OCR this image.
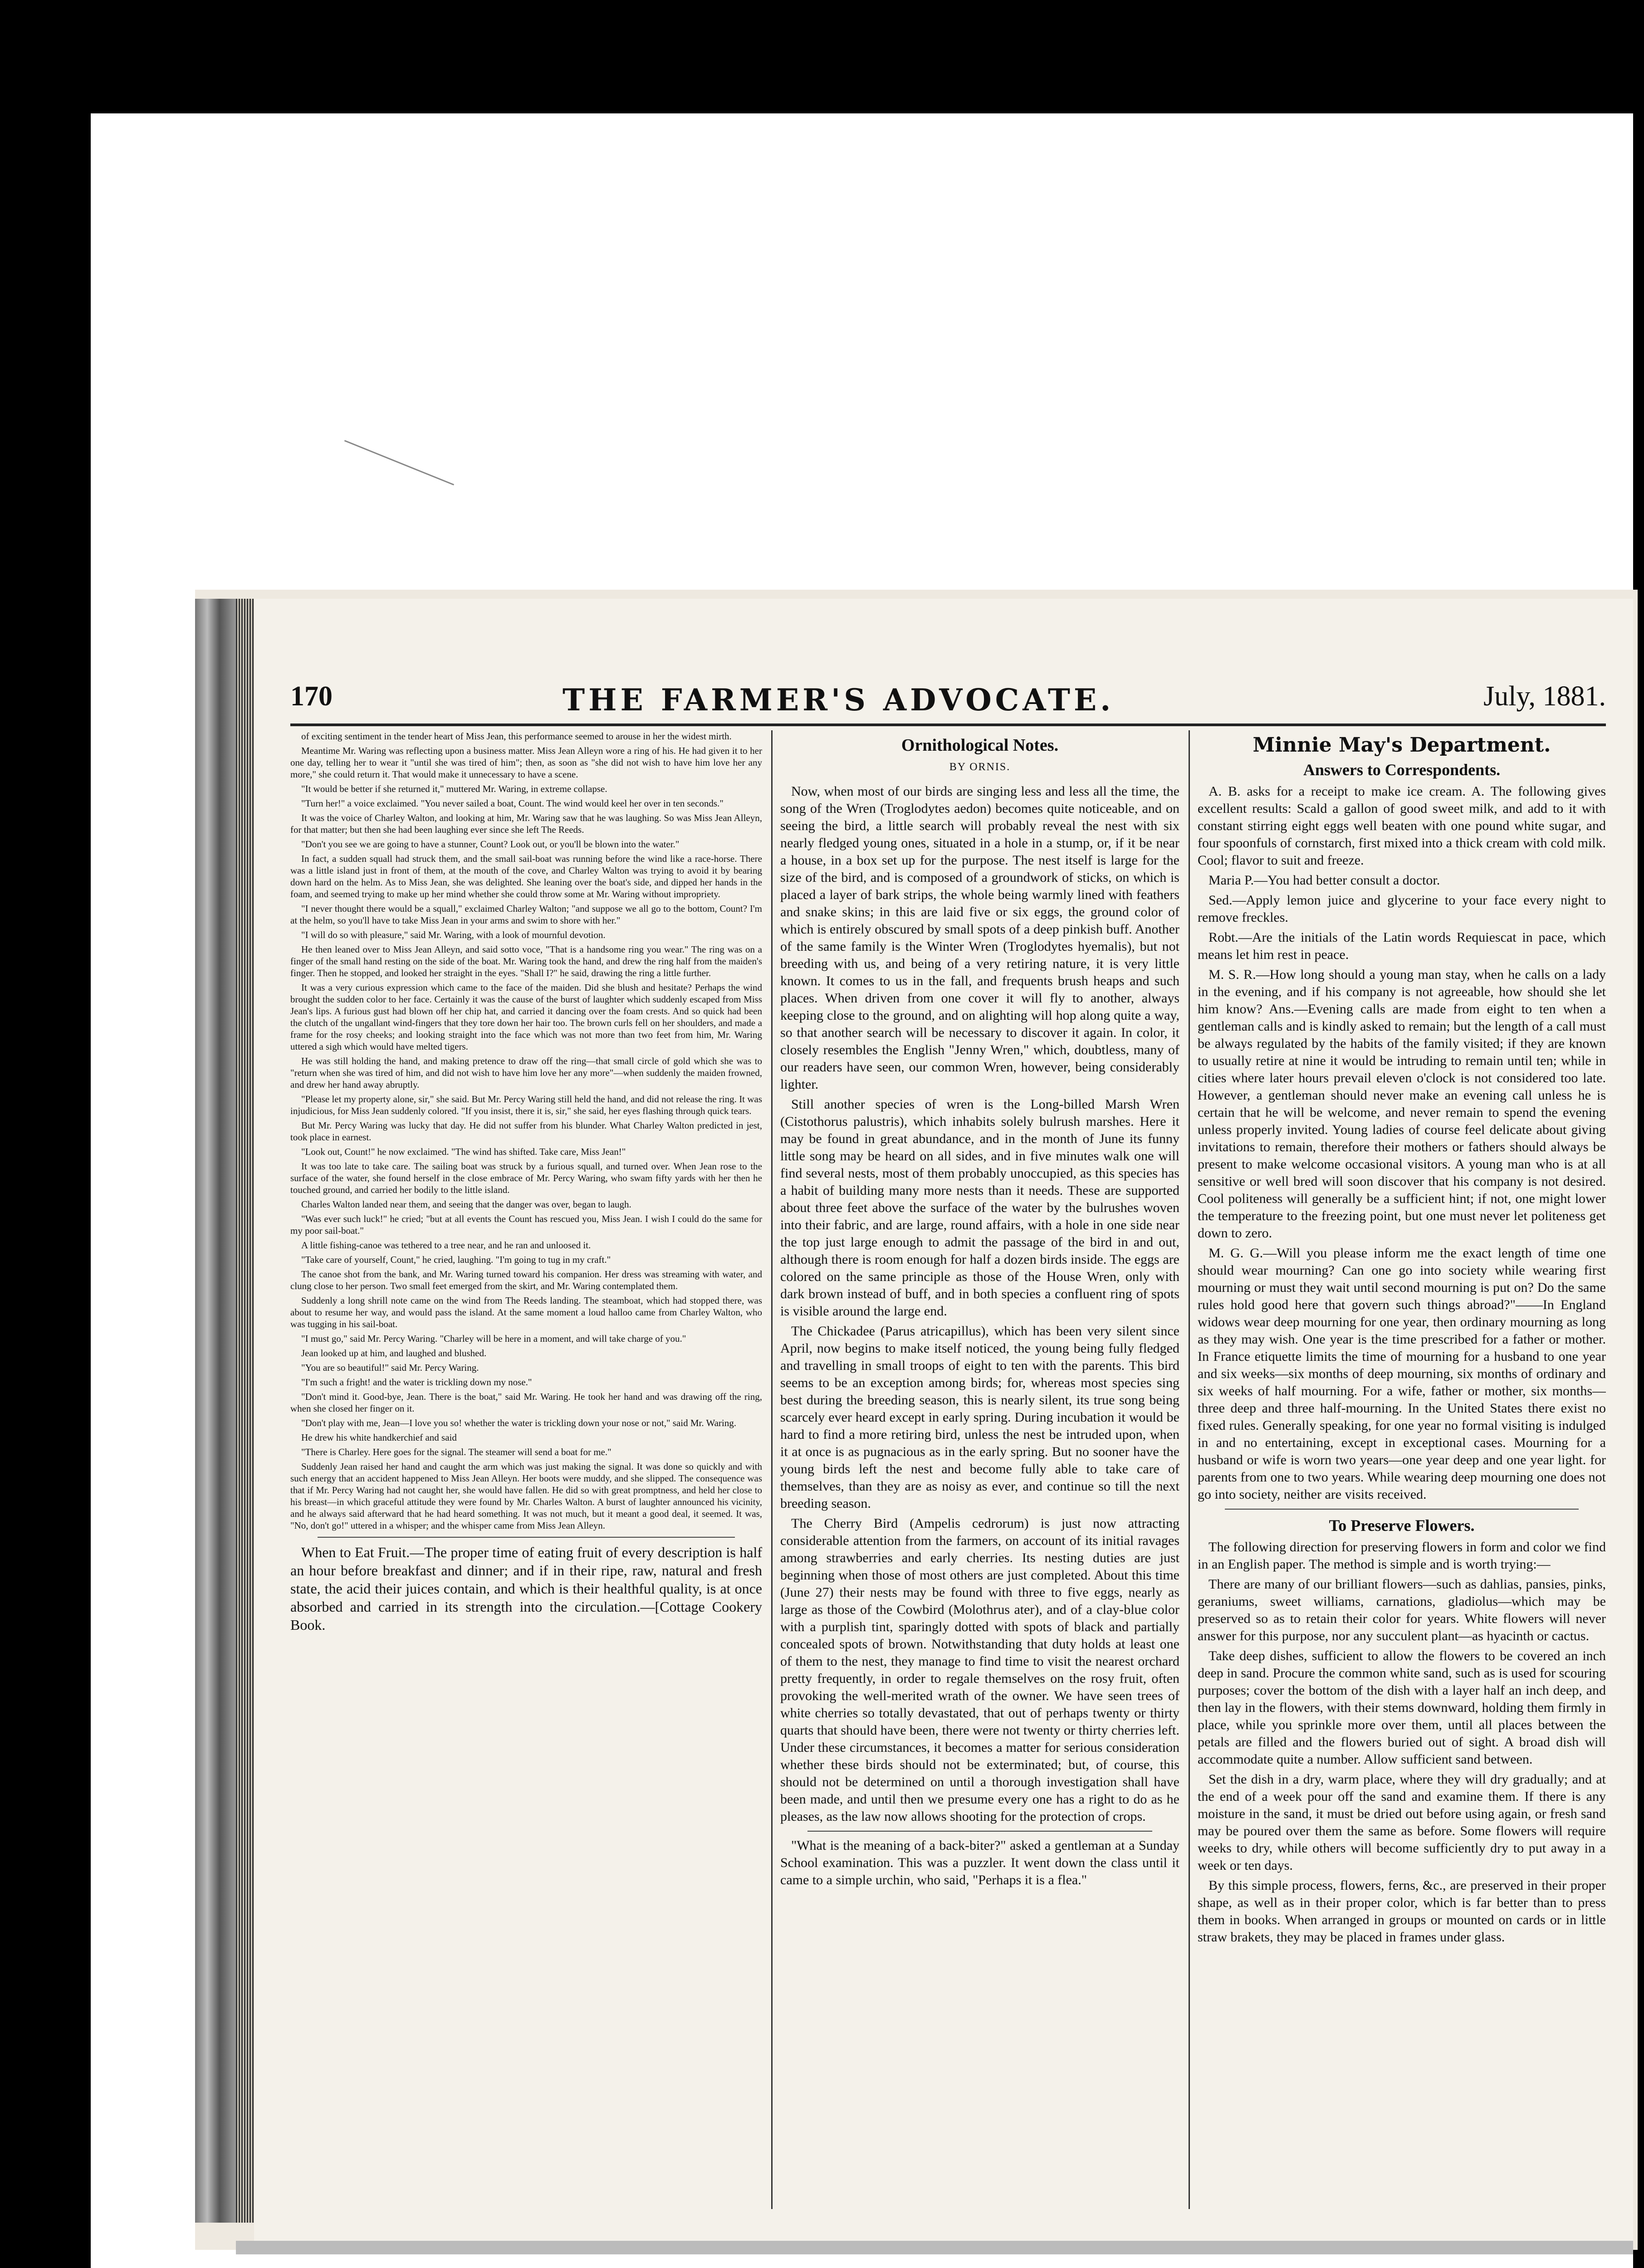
170	THE FARMER'S ADVOCATE.	July, 1881.

of exciting sentiment in the tender heart of Miss Jean, this performance seemed to arouse in her the widest mirth.

Meantime Mr. Waring was reflecting upon a business matter. Miss Jean Alleyn wore a ring of his. He had given it to her one day, telling her to wear it "until she was tired of him"; then, as soon as "she did not wish to have him love her any more," she could return it. That would make it unnecessary to have a scene.

"It would be better if she returned it," muttered Mr. Waring, in extreme collapse.

"Turn her!" a voice exclaimed. "You never sailed a boat, Count. The wind would keel her over in ten seconds."

It was the voice of Charley Walton, and looking at him, Mr. Waring saw that he was laughing. So was Miss Jean Alleyn, for that matter; but then she had been laughing ever since she left The Reeds.

"Don't you see we are going to have a stunner, Count? Look out, or you'll be blown into the water."

In fact, a sudden squall had struck them, and the small sail-boat was running before the wind like a race-horse. There was a little island just in front of them, at the mouth of the cove, and Charley Walton was trying to avoid it by bearing down hard on the helm. As to Miss Jean, she was delighted. She leaning over the boat's side, and dipped her hands in the foam, and seemed trying to make up her mind whether she could throw some at Mr. Waring without impropriety.

"I never thought there would be a squall," exclaimed Charley Walton; "and suppose we all go to the bottom, Count? I'm at the helm, so you'll have to take Miss Jean in your arms and swim to shore with her."

"I will do so with pleasure," said Mr. Waring, with a look of mournful devotion.

He then leaned over to Miss Jean Alleyn, and said sotto voce, "That is a handsome ring you wear." The ring was on a finger of the small hand resting on the side of the boat. Mr. Waring took the hand, and drew the ring half from the maiden's finger. Then he stopped, and looked her straight in the eyes. "Shall I?" he said, drawing the ring a little further.

It was a very curious expression which came to the face of the maiden. Did she blush and hesitate? Perhaps the wind brought the sudden color to her face. Certainly it was the cause of the burst of laughter which suddenly escaped from Miss Jean's lips. A furious gust had blown off her chip hat, and carried it dancing over the foam crests. And so quick had been the clutch of the ungallant wind-fingers that they tore down her hair too. The brown curls fell on her shoulders, and made a frame for the rosy cheeks; and looking straight into the face which was not more than two feet from him, Mr. Waring uttered a sigh which would have melted tigers.

He was still holding the hand, and making pretence to draw off the ring—that small circle of gold which she was to "return when she was tired of him, and did not wish to have him love her any more"—when suddenly the maiden frowned, and drew her hand away abruptly.

"Please let my property alone, sir," she said. But Mr. Percy Waring still held the hand, and did not release the ring. It was injudicious, for Miss Jean suddenly colored. "If you insist, there it is, sir," she said, her eyes flashing through quick tears.

But Mr. Percy Waring was lucky that day. He did not suffer from his blunder. What Charley Walton predicted in jest, took place in earnest.

"Look out, Count!" he now exclaimed. "The wind has shifted. Take care, Miss Jean!"

It was too late to take care. The sailing boat was struck by a furious squall, and turned over. When Jean rose to the surface of the water, she found herself in the close embrace of Mr. Percy Waring, who swam fifty yards with her then he touched ground, and carried her bodily to the little island.

Charles Walton landed near them, and seeing that the danger was over, began to laugh.

"Was ever such luck!" he cried; "but at all events the Count has rescued you, Miss Jean. I wish I could do the same for my poor sail-boat."

A little fishing-canoe was tethered to a tree near, and he ran and unloosed it.

"Take care of yourself, Count," he cried, laughing. "I'm going to tug in my craft."

The canoe shot from the bank, and Mr. Waring turned toward his companion. Her dress was streaming with water, and clung close to her person. Two small feet emerged from the skirt, and Mr. Waring contemplated them.

Suddenly a long shrill note came on the wind from The Reeds landing. The steamboat, which had stopped there, was about to resume her way, and would pass the island. At the same moment a loud halloo came from Charley Walton, who was tugging in his sail-boat.

"I must go," said Mr. Percy Waring. "Charley will be here in a moment, and will take charge of you."

Jean looked up at him, and laughed and blushed.

"You are so beautiful!" said Mr. Percy Waring.

"I'm such a fright! and the water is trickling down my nose."

"Don't mind it. Good-bye, Jean. There is the boat," said Mr. Waring. He took her hand and was drawing off the ring, when she closed her finger on it.

"Don't play with me, Jean—I love you so! whether the water is trickling down your nose or not," said Mr. Waring.

He drew his white handkerchief and said

"There is Charley. Here goes for the signal. The steamer will send a boat for me."

Suddenly Jean raised her hand and caught the arm which was just making the signal. It was done so quickly and with such energy that an accident happened to Miss Jean Alleyn. Her boots were muddy, and she slipped. The consequence was that if Mr. Percy Waring had not caught her, she would have fallen. He did so with great promptness, and held her close to his breast—in which graceful attitude they were found by Mr. Charles Walton. A burst of laughter announced his vicinity, and he always said afterward that he had heard something. It was not much, but it meant a good deal, it seemed. It was, "No, don't go!" uttered in a whisper; and the whisper came from Miss Jean Alleyn.

When to Eat Fruit.—The proper time of eating fruit of every description is half an hour before breakfast and dinner; and if in their ripe, raw, natural and fresh state, the acid their juices contain, and which is their healthful quality, is at once absorbed and carried in its strength into the circulation.—[Cottage Cookery Book.

Ornithological Notes.
BY ORNIS.

Now, when most of our birds are singing less and less all the time, the song of the Wren (Troglodytes aedon) becomes quite noticeable, and on seeing the bird, a little search will probably reveal the nest with six nearly fledged young ones, situated in a hole in a stump, or, if it be near a house, in a box set up for the purpose. The nest itself is large for the size of the bird, and is composed of a groundwork of sticks, on which is placed a layer of bark strips, the whole being warmly lined with feathers and snake skins; in this are laid five or six eggs, the ground color of which is entirely obscured by small spots of a deep pinkish buff. Another of the same family is the Winter Wren (Troglodytes hyemalis), but not breeding with us, and being of a very retiring nature, it is very little known. It comes to us in the fall, and frequents brush heaps and such places. When driven from one cover it will fly to another, always keeping close to the ground, and on alighting will hop along quite a way, so that another search will be necessary to discover it again. In color, it closely resembles the English "Jenny Wren," which, doubtless, many of our readers have seen, our common Wren, however, being considerably lighter.

Still another species of wren is the Long-billed Marsh Wren (Cistothorus palustris), which inhabits solely bulrush marshes. Here it may be found in great abundance, and in the month of June its funny little song may be heard on all sides, and in five minutes walk one will find several nests, most of them probably unoccupied, as this species has a habit of building many more nests than it needs. These are supported about three feet above the surface of the water by the bulrushes woven into their fabric, and are large, round affairs, with a hole in one side near the top just large enough to admit the passage of the bird in and out, although there is room enough for half a dozen birds inside. The eggs are colored on the same principle as those of the House Wren, only with dark brown instead of buff, and in both species a confluent ring of spots is visible around the large end.

The Chickadee (Parus atricapillus), which has been very silent since April, now begins to make itself noticed, the young being fully fledged and travelling in small troops of eight to ten with the parents. This bird seems to be an exception among birds; for, whereas most species sing best during the breeding season, this is nearly silent, its true song being scarcely ever heard except in early spring. During incubation it would be hard to find a more retiring bird, unless the nest be intruded upon, when it at once is as pugnacious as in the early spring. But no sooner have the young birds left the nest and become fully able to take care of themselves, than they are as noisy as ever, and continue so till the next breeding season.

The Cherry Bird (Ampelis cedrorum) is just now attracting considerable attention from the farmers, on account of its initial ravages among strawberries and early cherries. Its nesting duties are just beginning when those of most others are just completed. About this time (June 27) their nests may be found with three to five eggs, nearly as large as those of the Cowbird (Molothrus ater), and of a clay-blue color with a purplish tint, sparingly dotted with spots of black and partially concealed spots of brown. Notwithstanding that duty holds at least one of them to the nest, they manage to find time to visit the nearest orchard pretty frequently, in order to regale themselves on the rosy fruit, often provoking the well-merited wrath of the owner. We have seen trees of white cherries so totally devastated, that out of perhaps twenty or thirty quarts that should have been, there were not twenty or thirty cherries left. Under these circumstances, it becomes a matter for serious consideration whether these birds should not be exterminated; but, of course, this should not be determined on until a thorough investigation shall have been made, and until then we presume every one has a right to do as he pleases, as the law now allows shooting for the protection of crops.

"What is the meaning of a back-biter?" asked a gentleman at a Sunday School examination. This was a puzzler. It went down the class until it came to a simple urchin, who said, "Perhaps it is a flea."

Minnie May's Department.
Answers to Correspondents.

A. B. asks for a receipt to make ice cream. A. The following gives excellent results: Scald a gallon of good sweet milk, and add to it with constant stirring eight eggs well beaten with one pound white sugar, and four spoonfuls of cornstarch, first mixed into a thick cream with cold milk. Cool; flavor to suit and freeze.

Maria P.—You had better consult a doctor.

Sed.—Apply lemon juice and glycerine to your face every night to remove freckles.

Robt.—Are the initials of the Latin words Requiescat in pace, which means let him rest in peace.

M. S. R.—How long should a young man stay, when he calls on a lady in the evening, and if his company is not agreeable, how should she let him know? Ans.—Evening calls are made from eight to ten when a gentleman calls and is kindly asked to remain; but the length of a call must be always regulated by the habits of the family visited; if they are known to usually retire at nine it would be intruding to remain until ten; while in cities where later hours prevail eleven o'clock is not considered too late. However, a gentleman should never make an evening call unless he is certain that he will be welcome, and never remain to spend the evening unless properly invited. Young ladies of course feel delicate about giving invitations to remain, therefore their mothers or fathers should always be present to make welcome occasional visitors. A young man who is at all sensitive or well bred will soon discover that his company is not desired. Cool politeness will generally be a sufficient hint; if not, one might lower the temperature to the freezing point, but one must never let politeness get down to zero.

M. G. G.—Will you please inform me the exact length of time one should wear mourning? Can one go into society while wearing first mourning or must they wait until second mourning is put on? Do the same rules hold good here that govern such things abroad?"——In England widows wear deep mourning for one year, then ordinary mourning as long as they may wish. One year is the time prescribed for a father or mother. In France etiquette limits the time of mourning for a husband to one year and six weeks—six months of deep mourning, six months of ordinary and six weeks of half mourning. For a wife, father or mother, six months—three deep and three half-mourning. In the United States there exist no fixed rules. Generally speaking, for one year no formal visiting is indulged in and no entertaining, except in exceptional cases. Mourning for a husband or wife is worn two years—one year deep and one year light. for parents from one to two years. While wearing deep mourning one does not go into society, neither are visits received.

To Preserve Flowers.

The following direction for preserving flowers in form and color we find in an English paper. The method is simple and is worth trying:—

There are many of our brilliant flowers—such as dahlias, pansies, pinks, geraniums, sweet williams, carnations, gladiolus—which may be preserved so as to retain their color for years. White flowers will never answer for this purpose, nor any succulent plant—as hyacinth or cactus.

Take deep dishes, sufficient to allow the flowers to be covered an inch deep in sand. Procure the common white sand, such as is used for scouring purposes; cover the bottom of the dish with a layer half an inch deep, and then lay in the flowers, with their stems downward, holding them firmly in place, while you sprinkle more over them, until all places between the petals are filled and the flowers buried out of sight. A broad dish will accommodate quite a number. Allow sufficient sand between.

Set the dish in a dry, warm place, where they will dry gradually; and at the end of a week pour off the sand and examine them. If there is any moisture in the sand, it must be dried out before using again, or fresh sand may be poured over them the same as before. Some flowers will require weeks to dry, while others will become sufficiently dry to put away in a week or ten days.

By this simple process, flowers, ferns, &c., are preserved in their proper shape, as well as in their proper color, which is far better than to press them in books. When arranged in groups or mounted on cards or in little straw brakets, they may be placed in frames under glass.
